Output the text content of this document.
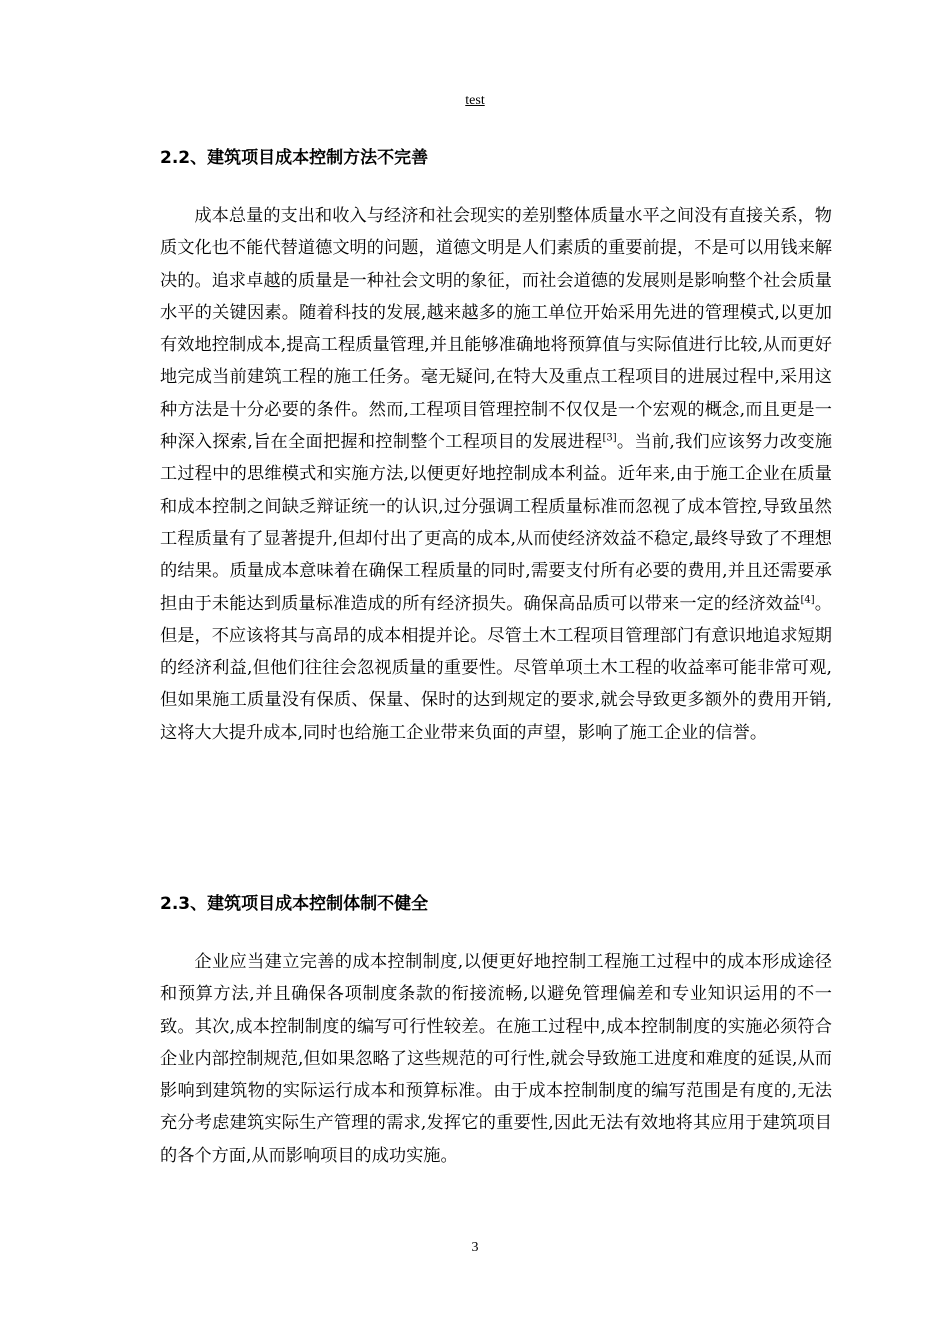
test
2.2、建筑项目成本控制方法不完善

成本总量的支出和收入与经济和社会现实的差别整体质量水平之间没有直接关系，物质文化也不能代替道德文明的问题，道德文明是人们素质的重要前提，不是可以用钱来解决的。追求卓越的质量是一种社会文明的象征，而社会道德的发展则是影响整个社会质量水平的关键因素。随着科技的发展,越来越多的施工单位开始采用先进的管理模式,以更加有效地控制成本,提高工程质量管理,并且能够准确地将预算值与实际值进行比较,从而更好地完成当前建筑工程的施工任务。毫无疑问,在特大及重点工程项目的进展过程中,采用这种方法是十分必要的条件。然而,工程项目管理控制不仅仅是一个宏观的概念,而且更是一种深入探索,旨在全面把握和控制整个工程项目的发展进程[3]。当前,我们应该努力改变施工过程中的思维模式和实施方法,以便更好地控制成本利益。近年来,由于施工企业在质量和成本控制之间缺乏辩证统一的认识,过分强调工程质量标准而忽视了成本管控,导致虽然工程质量有了显著提升,但却付出了更高的成本,从而使经济效益不稳定,最终导致了不理想的结果。质量成本意味着在确保工程质量的同时,需要支付所有必要的费用,并且还需要承担由于未能达到质量标准造成的所有经济损失。确保高品质可以带来一定的经济效益[4]。但是，不应该将其与高昂的成本相提并论。尽管土木工程项目管理部门有意识地追求短期的经济利益,但他们往往会忽视质量的重要性。尽管单项土木工程的收益率可能非常可观,但如果施工质量没有保质、保量、保时的达到规定的要求,就会导致更多额外的费用开销,这将大大提升成本,同时也给施工企业带来负面的声望，影响了施工企业的信誉。

2.3、建筑项目成本控制体制不健全

企业应当建立完善的成本控制制度,以便更好地控制工程施工过程中的成本形成途径和预算方法,并且确保各项制度条款的衔接流畅,以避免管理偏差和专业知识运用的不一致。其次,成本控制制度的编写可行性较差。在施工过程中,成本控制制度的实施必须符合企业内部控制规范,但如果忽略了这些规范的可行性,就会导致施工进度和难度的延误,从而影响到建筑物的实际运行成本和预算标准。由于成本控制制度的编写范围是有度的,无法充分考虑建筑实际生产管理的需求,发挥它的重要性,因此无法有效地将其应用于建筑项目的各个方面,从而影响项目的成功实施。

3
